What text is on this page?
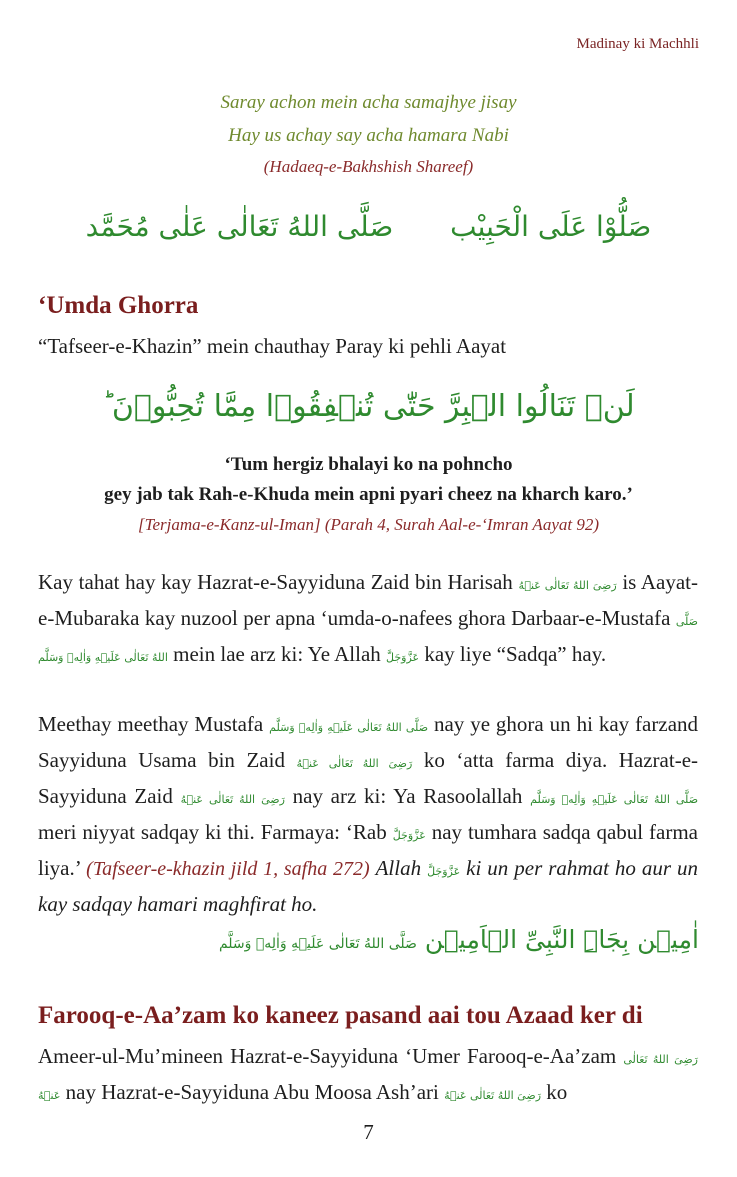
Madinay ki Machhli
Saray achon mein acha samajhye jisay
Hay us achay say acha hamara Nabi
(Hadaeq-e-Bakhshish Shareef)
صَلُّوْا عَلَى الْحَبِیْب صَلَّى اللهُ تَعَالٰى عَلٰى مُحَمَّد
‘Umda Ghorra
“Tafseer-e-Khazin” mein chauthay Paray ki pehli Aayat
لَنۡ تَنَالُوا الۡبِرَّ حَتّٰى تُنۡفِقُوۡا مِمَّا تُحِبُّوۡنَ ؕ
‘Tum hergiz bhalayi ko na pohncho
gey jab tak Rah-e-Khuda mein apni pyari cheez na kharch karo.’
[Terjama-e-Kanz-ul-Iman] (Parah 4, Surah Aal-e-‘Imran Aayat 92)
Kay tahat hay kay Hazrat-e-Sayyiduna Zaid bin Harisah رَضِیَ اللهُ تَعَالٰی عَنۡهُ is Aayat-e-Mubaraka kay nuzool per apna ‘umda-o-nafees ghora Darbaar-e-Mustafa صَلَّى اللهُ تَعَالٰی عَلَیۡهِ وَاٰلِهٖ وَسَلَّم mein lae arz ki: Ye Allah عَزَّوَجَلَّ kay liye “Sadqa” hay.
Meethay meethay Mustafa صَلَّى اللهُ تَعَالٰی عَلَیۡهِ وَاٰلِهٖ وَسَلَّم nay ye ghora un hi kay farzand Sayyiduna Usama bin Zaid رَضِیَ اللهُ تَعَالٰی عَنۡهُ ko ‘atta farma diya. Hazrat-e-Sayyiduna Zaid رَضِیَ اللهُ تَعَالٰی عَنۡهُ nay arz ki: Ya Rasoolallah صَلَّى اللهُ تَعَالٰی عَلَیۡهِ وَاٰلِهٖ وَسَلَّم meri niyyat sadqay ki thi. Farmaya: ‘Rab عَزَّوَجَلَّ nay tumhara sadqa qabul farma liya.’ (Tafseer-e-khazin jild 1, safha 272) Allah عَزَّوَجَلَّ ki un per rahmat ho aur un kay sadqay hamari maghfirat ho.
اٰمِیۡن بِجَاہِ النَّبِیِّ الۡاَمِیۡن صَلَّى اللهُ تَعَالٰی عَلَیۡهِ وَاٰلِهٖ وَسَلَّم
Farooq-e-Aa’zam ko kaneez pasand aai tou Azaad ker di
Ameer-ul-Mu’mineen Hazrat-e-Sayyiduna ‘Umer Farooq-e-Aa’zam رَضِیَ اللهُ تَعَالٰی عَنۡهُ nay Hazrat-e-Sayyiduna Abu Moosa Ash’ari رَضِیَ اللهُ تَعَالٰی عَنۡهُ ko
7
